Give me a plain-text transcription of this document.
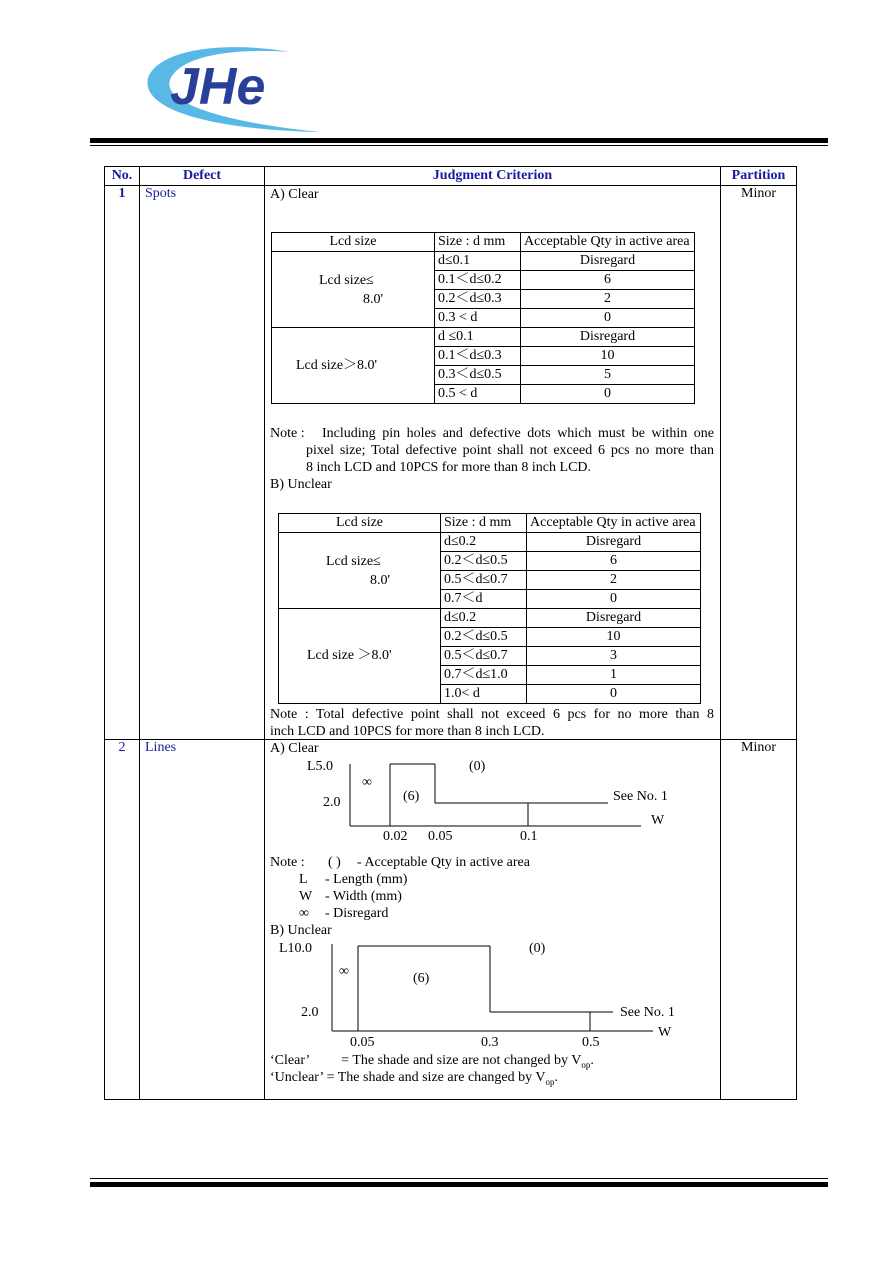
JHe
No.	Defect	Judgment Criterion	Partition
1	Spots	A) Clear
Lcd size	Size : d mm	Acceptable Qty in active area

Lcd size≤
8.0'
	d≤0.1	Disregard
0.1＜d≤0.2	6
0.2＜d≤0.3	2
0.3 < d	0
Lcd size＞8.0'	d ≤0.1	Disregard
0.1＜d≤0.3	10
0.3＜d≤0.5	5
0.5 < d	0
Note : Including pin holes and defective dots which must be within one
pixel size; Total defective point shall not exceed 6 pcs no more than
8 inch LCD and 10PCS for more than 8 inch LCD.
B) Unclear
Lcd size	Size : d mm	Acceptable Qty in active area

Lcd size≤
8.0'
	d≤0.2	Disregard
0.2＜d≤0.5	6
0.5＜d≤0.7	2
0.7＜d	0
Lcd size ＞8.0'	d≤0.2	Disregard
0.2＜d≤0.5	10
0.5＜d≤0.7	3
0.7＜d≤1.0	1
1.0< d	0
Note : Total defective point shall not exceed 6 pcs for no more than 8
inch LCD and 10PCS for more than 8 inch LCD.
	Minor
2	Lines	A) Clear
L5.0
2.0
∞
(0)
(6)	See No. 1
W
0.02 0.05	0.1
Note : ( ) - Acceptable Qty in active area
L - Length (mm)
W - Width (mm)
∞ - Disregard
B) Unclear
L10.0
2.0
∞
(0)
(6)
See No. 1
W
0.05	0.3	0.5
‘Clear’ = The shade and size are not changed by $V_{op}$.
‘Unclear’ = The shade and size are changed by $V_{op}$.
	Minor
